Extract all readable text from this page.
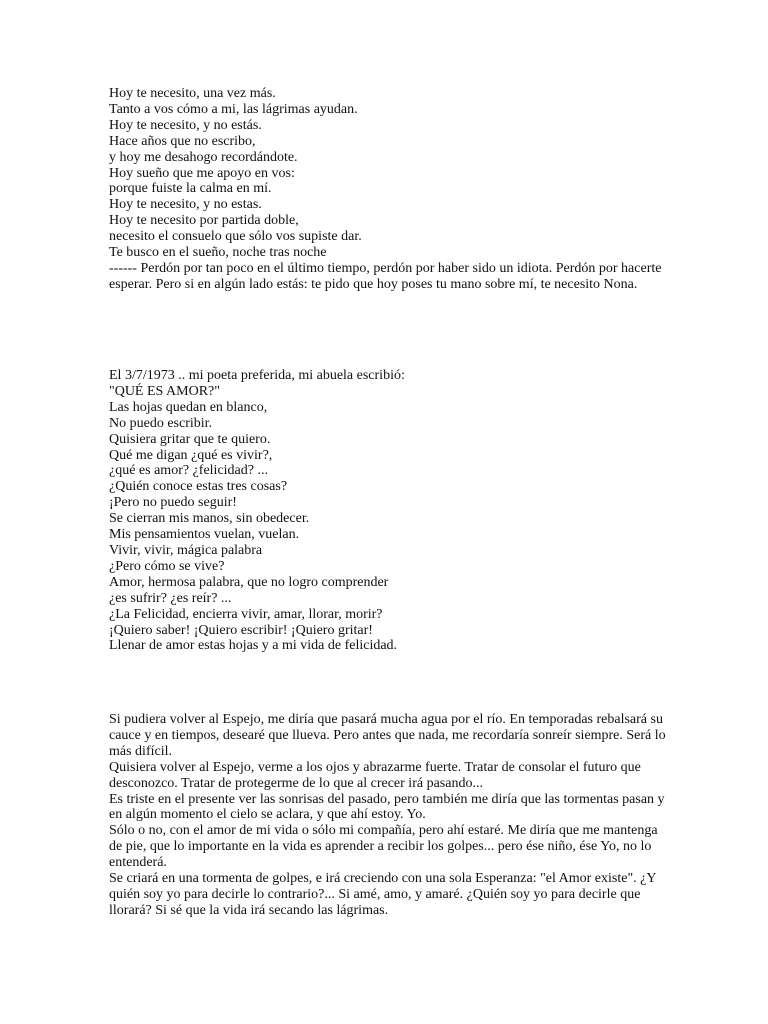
Hoy te necesito, una vez más.
Tanto a vos cómo a mi, las lágrimas ayudan.
Hoy te necesito, y no estás.
Hace años que no escribo,
y hoy me desahogo recordándote.
Hoy sueño que me apoyo en vos:
porque fuiste la calma en mí.
Hoy te necesito, y no estas.
Hoy te necesito por partida doble,
necesito el consuelo que sólo vos supiste dar.
Te busco en el sueño, noche tras noche
------ Perdón por tan poco en el último tiempo, perdón por haber sido un idiota. Perdón por hacerte esperar. Pero si en algún lado estás: te pido que hoy poses tu mano sobre mí, te necesito Nona.
El 3/7/1973 .. mi poeta preferida, mi abuela escribió:
"QUÉ ES AMOR?"
Las hojas quedan en blanco,
No puedo escribir.
Quisiera gritar que te quiero.
Qué me digan ¿qué es vivir?,
¿qué es amor? ¿felicidad? ...
¿Quién conoce estas tres cosas?
¡Pero no puedo seguir!
Se cierran mis manos, sin obedecer.
Mis pensamientos vuelan, vuelan.
Vivir, vivir, mágica palabra
¿Pero cómo se vive?
Amor, hermosa palabra, que no logro comprender
¿es sufrir? ¿es reír? ...
¿La Felicidad, encierra vivir, amar, llorar, morir?
¡Quiero saber! ¡Quiero escribir! ¡Quiero gritar!
Llenar de amor estas hojas y a mi vida de felicidad.
Si pudiera volver al Espejo, me diría que pasará mucha agua por el río. En temporadas rebalsará su cauce y en tiempos, desearé que llueva. Pero antes que nada, me recordaría sonreír siempre. Será lo más difícil.
Quisiera volver al Espejo, verme a los ojos y abrazarme fuerte. Tratar de consolar el futuro que desconozco. Tratar de protegerme de lo que al crecer irá pasando...
Es triste en el presente ver las sonrisas del pasado, pero también me diría que las tormentas pasan y en algún momento el cielo se aclara, y que ahí estoy. Yo.
Sólo o no, con el amor de mi vida o sólo mi compañía, pero ahí estaré. Me diría que me mantenga de pie, que lo importante en la vida es aprender a recibir los golpes... pero ése niño, ése Yo, no lo entenderá.
Se criará en una tormenta de golpes, e irá creciendo con una sola Esperanza: "el Amor existe". ¿Y quién soy yo para decirle lo contrario?... Si amé, amo, y amaré. ¿Quién soy yo para decirle que llorará? Si sé que la vida irá secando las lágrimas.
